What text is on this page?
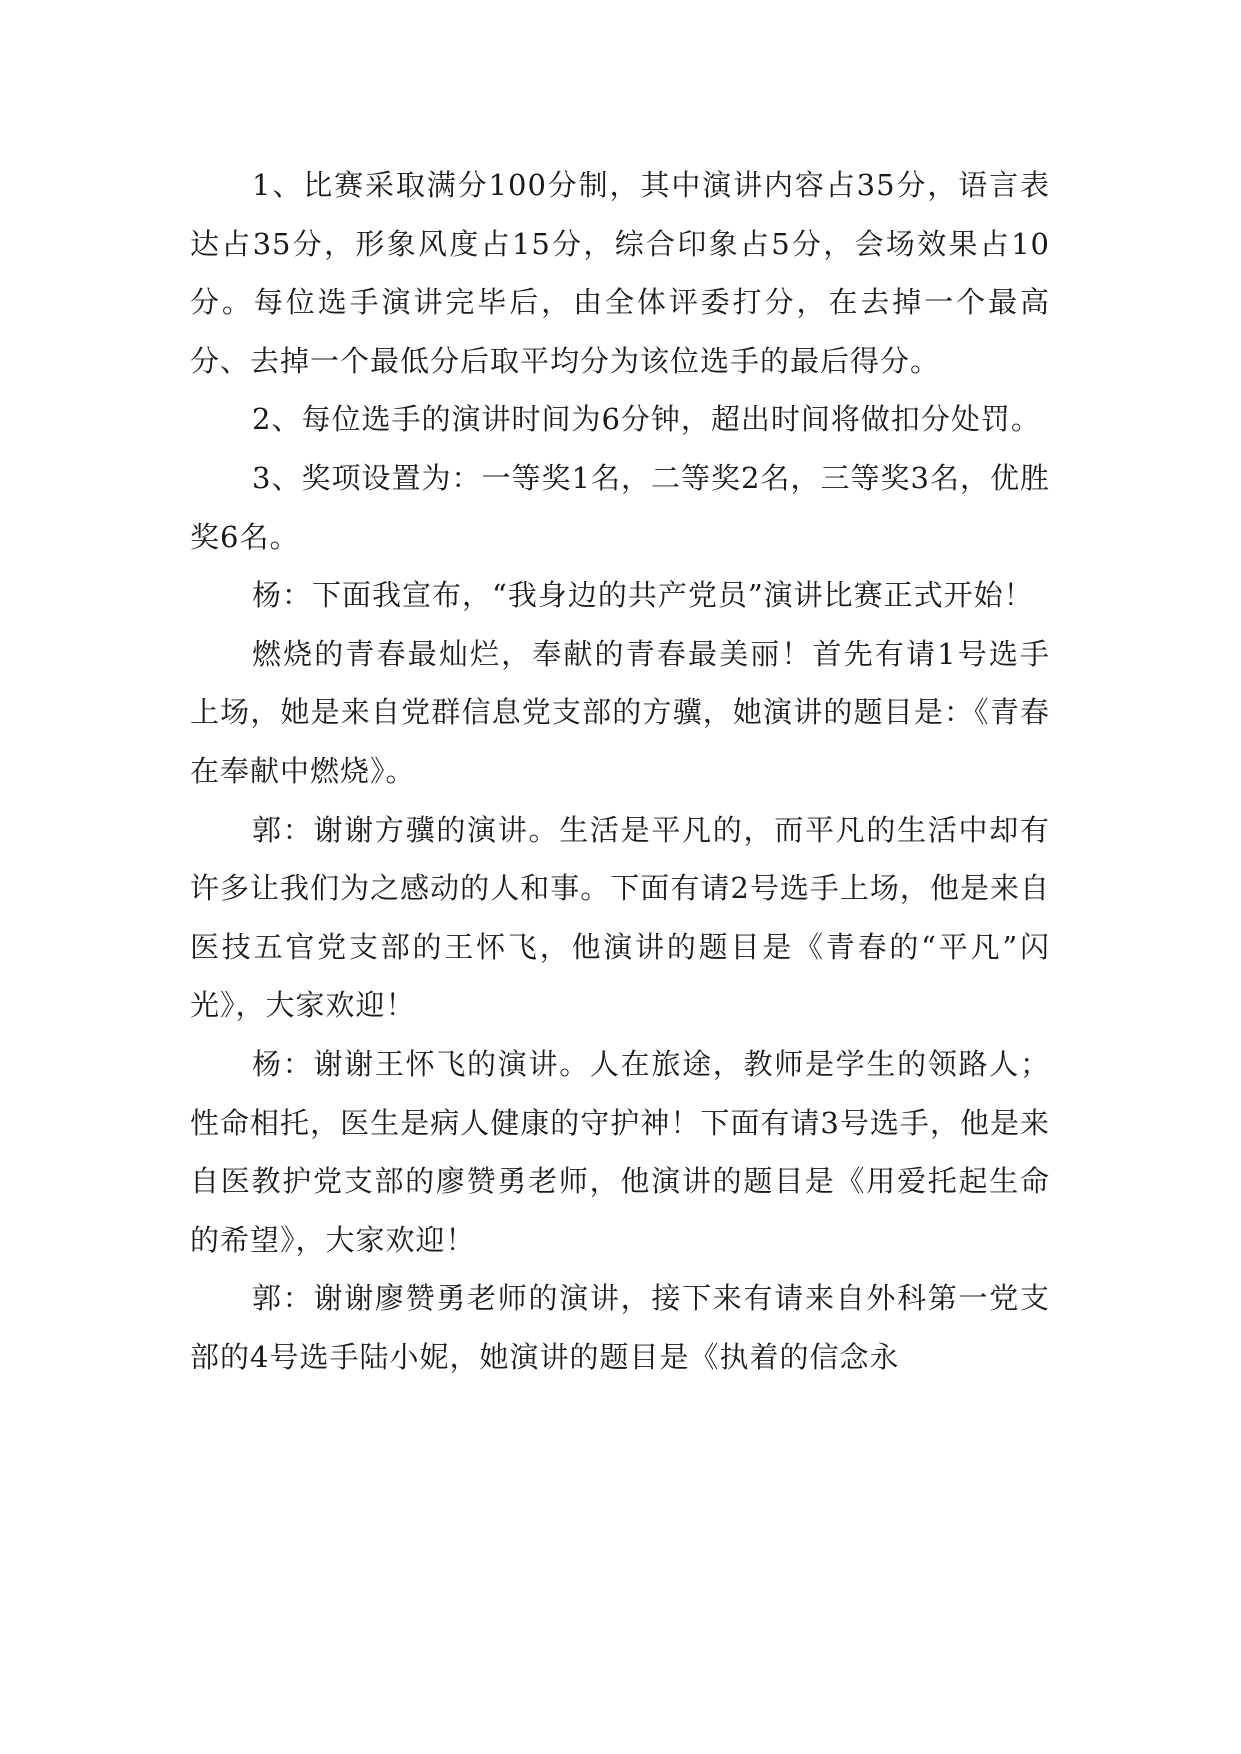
1、比赛采取满分100分制，其中演讲内容占35分，语言表达占35分，形象风度占15分，综合印象占5分，会场效果占10分。每位选手演讲完毕后，由全体评委打分，在去掉一个最高分、去掉一个最低分后取平均分为该位选手的最后得分。

2、每位选手的演讲时间为6分钟，超出时间将做扣分处罚。

3、奖项设置为：一等奖1名，二等奖2名，三等奖3名，优胜奖6名。

杨：下面我宣布，“我身边的共产党员”演讲比赛正式开始！

燃烧的青春最灿烂，奉献的青春最美丽！首先有请1号选手上场，她是来自党群信息党支部的方骥，她演讲的题目是：《青春在奉献中燃烧》。

郭：谢谢方骥的演讲。生活是平凡的，而平凡的生活中却有许多让我们为之感动的人和事。下面有请2号选手上场，他是来自医技五官党支部的王怀飞，他演讲的题目是《青春的“平凡”闪光》，大家欢迎！

杨：谢谢王怀飞的演讲。人在旅途，教师是学生的领路人；性命相托，医生是病人健康的守护神！下面有请3号选手，他是来自医教护党支部的廖赞勇老师，他演讲的题目是《用爱托起生命的希望》，大家欢迎！

郭：谢谢廖赞勇老师的演讲，接下来有请来自外科第一党支部的4号选手陆小妮，她演讲的题目是《执着的信念永
